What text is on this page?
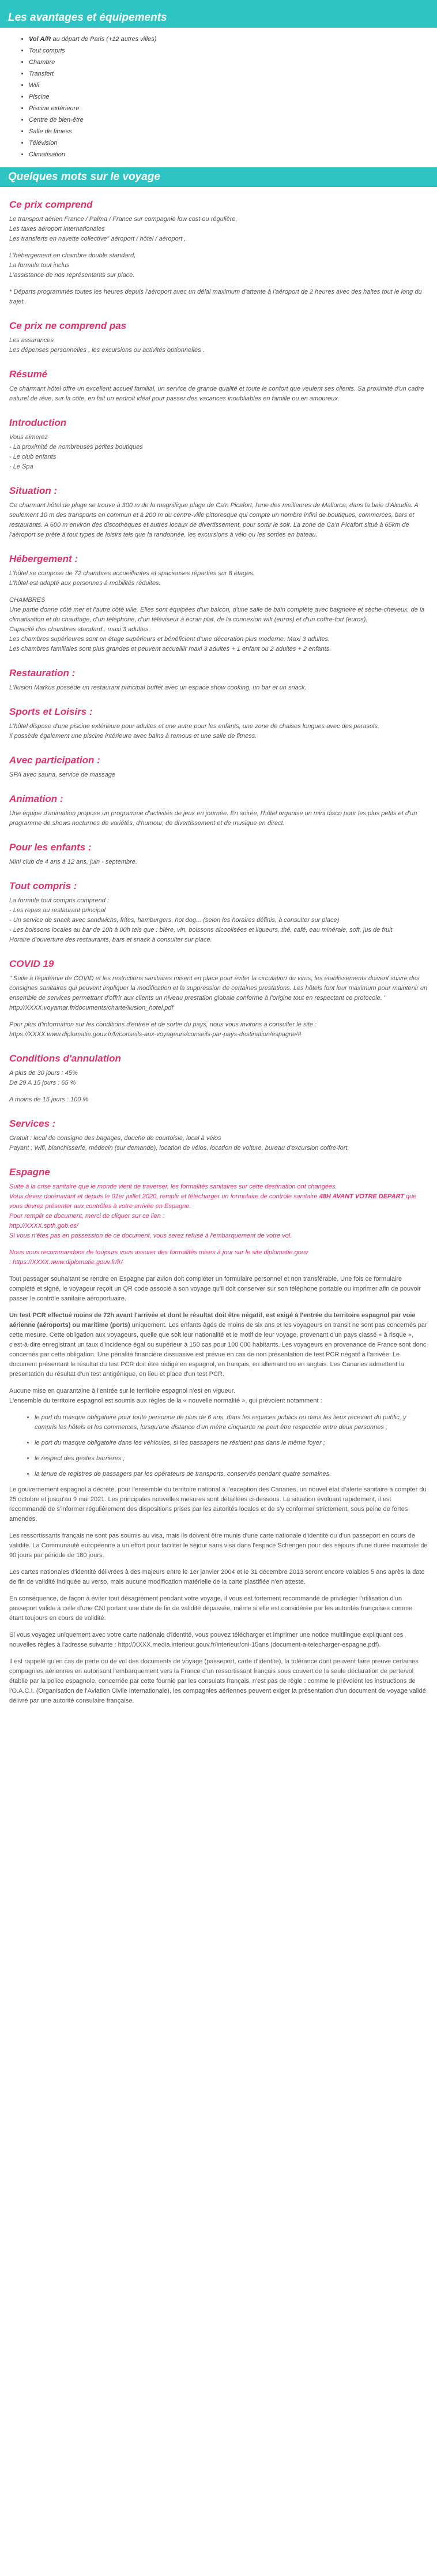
Les avantages et équipements
• Vol A/R au départ de Paris (+12 autres villes)
• Tout compris
• Chambre
• Transfert
• Wifi
• Piscine
• Piscine extérieure
• Centre de bien-être
• Salle de fitness
• Télévision
• Climatisation
Quelques mots sur le voyage
Ce prix comprend

Le transport aérien France / Palma / France sur compagnie low cost ou régulière,
Les taxes aéroport internationales
Les transferts en navette collective" aéroport / hôtel / aéroport ,

L'hébergement en chambre double standard,
La formule tout inclus
L'assistance de nos représentants sur place.

* Départs programmés toutes les heures depuis l'aéroport avec un délai maximum d'attente à l'aéroport de 2 heures avec des haltes tout le long du trajet.

Ce prix ne comprend pas

Les assurances
Les dépenses personnelles , les excursions ou activités optionnelles .

Résumé

Ce charmant hôtel offre un excellent accueil familial, un service de grande qualité et toute le confort que veulent ses clients. Sa proximité d'un cadre naturel de rêve, sur la côte, en fait un endroit idéal pour passer des vacances inoubliables en famille ou en amoureux.

Introduction

Vous aimerez
- La proximité de nombreuses petites boutiques
- Le club enfants
- Le Spa

Situation :

Ce charmant hôtel de plage se trouve à 300 m de la magnifique plage de Ca'n Picafort, l'une des meilleures de Mallorca, dans la baie d'Alcudia. A seulement 10 m des transports en commun et à 200 m du centre-ville pittoresque qui compte un nombre infini de boutiques, commerces, bars et restaurants. A 600 m environ des discothèques et autres locaux de divertissement, pour sortir le soir. La zone de Ca'n Picafort situé à 65km de l'aéroport se prête à tout types de loisirs tels que la randonnée, les excursions à vélo ou les sorties en bateau.

Hébergement :

L'hôtel se compose de 72 chambres accueillantes et spacieuses réparties sur 8 étages.
L'hôtel est adapté aux personnes à mobilités réduites.

CHAMBRES
Une partie donne côté mer et l'autre côté ville. Elles sont équipées d'un balcon, d'une salle de bain complète avec baignoire et sèche-cheveux, de la climatisation et du chauffage, d'un téléphone, d'un téléviseur à écran plat, de la connexion wifi (euros) et d'un coffre-fort (euros).
Capacité des chambres standard : maxi 3 adultes.
Les chambres supérieures sont en étage supérieurs et bénéficient d'une décoration plus moderne. Maxi 3 adultes.
Les chambres familiales sont plus grandes et peuvent accueillir maxi 3 adultes + 1 enfant ou 2 adultes + 2 enfants.

Restauration :

L'Ilusion Markus possède un restaurant principal buffet avec un espace show cooking, un bar et un snack.

Sports et Loisirs :

L'hôtel dispose d'une piscine extérieure pour adultes et une autre pour les enfants, une zone de chaises longues avec des parasols.
Il possède également une piscine intérieure avec bains à remous et une salle de fitness.

Avec participation :

SPA avec sauna, service de massage

Animation :

Une équipe d'animation propose un programme d'activités de jeux en journée. En soirée, l'hôtel organise un mini disco pour les plus petits et d'un programme de shows nocturnes de variétés, d'humour, de divertissement et de musique en direct.

Pour les enfants :

Mini club de 4 ans à 12 ans, juin - septembre.

Tout compris :

La formule tout compris comprend :
- Les repas au restaurant principal
- Un service de snack avec sandwichs, frites, hamburgers, hot dog... (selon les horaires définis, à consulter sur place)
- Les boissons locales au bar de 10h à 00h tels que : bière, vin, boissons alcoolisées et liqueurs, thé, café, eau minérale, soft, jus de fruit
Horaire d'ouverture des restaurants, bars et snack à consulter sur place.

COVID 19

" Suite à l'épidémie de COVID et les restrictions sanitaires misent en place pour éviter la circulation du virus, les établissements doivent suivre des consignes sanitaires qui peuvent impliquer la modification et la suppression de certaines prestations. Les hôtels font leur maximum pour maintenir un ensemble de services permettant d'offrir aux clients un niveau prestation globale conforme à l'origine tout en respectant ce protocole. "
http://XXXX.voyamar.fr/documents/charte/ilusion_hotel.pdf

Pour plus d'information sur les conditions d'entrée et de sortie du pays, nous vous invitons à consulter le site :
https://XXXX.www.diplomatie.gouv.fr/fr/conseils-aux-voyageurs/conseils-par-pays-destination/espagne/#

Conditions d'annulation

A plus de 30 jours : 45%
De 29 A 15 jours : 65 %

A moins de 15 jours : 100 %

Services :

Gratuit : local de consigne des bagages, douche de courtoisie, local à vélos
Payant : Wifi, blanchisserie, médecin (sur demande), location de vélos, location de voiture, bureau d'excursion coffre-fort.

Espagne

Suite à la crise sanitaire que le monde vient de traverser, les formalités sanitaires sur cette destination ont changées.
Vous devez dorénavant et depuis le 01er juillet 2020, remplir et télécharger un formulaire de contrôle sanitaire 48H AVANT VOTRE DEPART que vous devrez présenter aux contrôles à votre arrivée en Espagne.
Pour remplir ce document, merci de cliquer sur ce lien :
http://XXXX.spth.gob.es/
Si vous n'êtes pas en possession de ce document, vous serez refusé à l'embarquement de votre vol.

Nous vous recommandons de toujours vous assurer des formalités mises à jour sur le site diplomatie.gouv
: https://XXXX.www.diplomatie.gouv.fr/fr/

Tout passager souhaitant se rendre en Espagne par avion doit compléter un formulaire personnel et non transférable. Une fois ce formulaire complété et signé, le voyageur reçoit un QR code associé à son voyage qu'il doit conserver sur son téléphone portable ou imprimer afin de pouvoir passer le contrôle sanitaire aéroportuaire.

Un test PCR effectué moins de 72h avant l'arrivée et dont le résultat doit être négatif, est exigé à l'entrée du territoire espagnol par voie aérienne (aéroports) ou maritime (ports) uniquement. Les enfants âgés de moins de six ans et les voyageurs en transit ne sont pas concernés par cette mesure. Cette obligation aux voyageurs, quelle que soit leur nationalité et le motif de leur voyage, provenant d'un pays classé « à risque », c'est-à-dire enregistrant un taux d'incidence égal ou supérieur à 150 cas pour 100 000 habitants. Les voyageurs en provenance de France sont donc concernés par cette obligation. Une pénalité financière dissuasive est prévue en cas de non présentation de test PCR négatif à l'arrivée. Le document présentant le résultat du test PCR doit être rédigé en espagnol, en français, en allemand ou en anglais. Les Canaries admettent la présentation du résultat d'un test antigénique, en lieu et place d'un test PCR.

Aucune mise en quarantaine à l'entrée sur le territoire espagnol n'est en vigueur.
L'ensemble du territoire espagnol est soumis aux règles de la « nouvelle normalité », qui prévoient notamment :

• le port du masque obligatoire pour toute personne de plus de 6 ans, dans les espaces publics ou dans les lieux recevant du public, y compris les hôtels et les commerces, lorsqu'une distance d'un mètre cinquante ne peut être respectée entre deux personnes ;
• le port du masque obligatoire dans les véhicules, si les passagers ne résident pas dans le même foyer ;
• le respect des gestes barrières ;
• la tenue de registres de passagers par les opérateurs de transports, conservés pendant quatre semaines.

Le gouvernement espagnol a décrété, pour l'ensemble du territoire national à l'exception des Canaries, un nouvel état d'alerte sanitaire à compter du 25 octobre et jusqu'au 9 mai 2021. Les principales nouvelles mesures sont détaillées ci-dessous. La situation évoluant rapidement, il est recommandé de s'informer régulièrement des dispositions prises par les autorités locales et de s'y conformer strictement, sous peine de fortes amendes.

Les ressortissants français ne sont pas soumis au visa, mais ils doivent être munis d'une carte nationale d'identité ou d'un passeport en cours de validité. La Communauté européenne a un effort pour faciliter le séjour sans visa dans l'espace Schengen pour des séjours d'une durée maximale de 90 jours par période de 180 jours.

Les cartes nationales d'identité délivrées à des majeurs entre le 1er janvier 2004 et le 31 décembre 2013 seront encore valables 5 ans après la date de fin de validité indiquée au verso, mais aucune modification matérielle de la carte plastifiée n'en atteste.

En conséquence, de façon à éviter tout désagrément pendant votre voyage, il vous est fortement recommandé de privilégier l'utilisation d'un passeport valide à celle d'une CNI portant une date de fin de validité dépassée, même si elle est considérée par les autorités françaises comme étant toujours en cours de validité.

Si vous voyagez uniquement avec votre carte nationale d'identité, vous pouvez télécharger et imprimer une notice multilingue expliquant ces nouvelles règles à l'adresse suivante : http://XXXX.media.interieur.gouv.fr/interieur/cni-15ans (document-a-telecharger-espagne.pdf).

Il est rappelé qu'en cas de perte ou de vol des documents de voyage (passeport, carte d'identité), la tolérance dont peuvent faire preuve certaines compagnies aériennes en autorisant l'embarquement vers la France d'un ressortissant français sous couvert de la seule déclaration de perte/vol établie par la police espagnole, concernée par cette fournie par les consulats français, n'est pas de règle : comme le prévoient les instructions de l'O.A.C.I. (Organisation de l'Aviation Civile Internationale), les compagnies aériennes peuvent exiger la présentation d'un document de voyage validé délivré par une autorité consulaire française.
